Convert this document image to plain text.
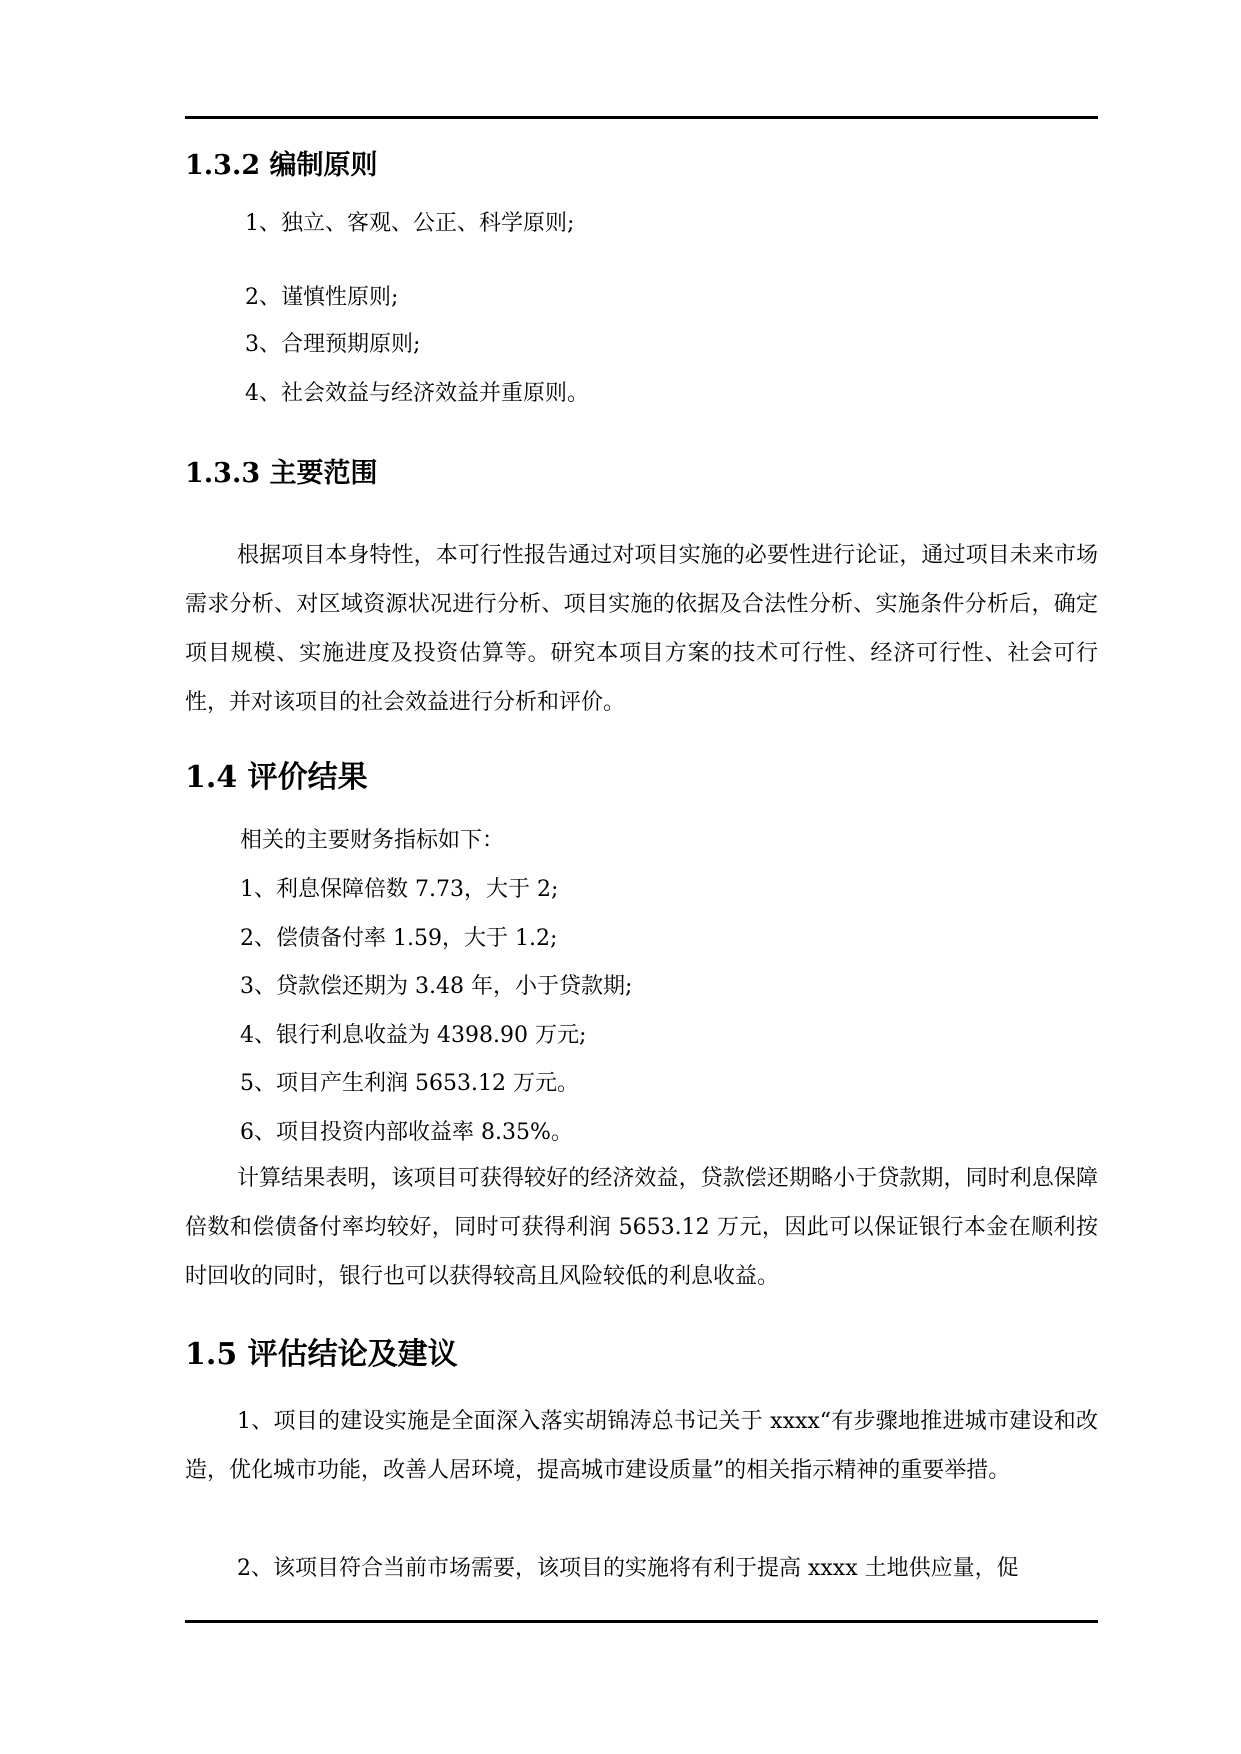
1.3.2 编制原则
1、独立、客观、公正、科学原则;
2、谨慎性原则;
3、合理预期原则;
4、社会效益与经济效益并重原则。
1.3.3 主要范围

根据项目本身特性，本可行性报告通过对项目实施的必要性进行论证，通过项目未来市场需求分析、对区域资源状况进行分析、项目实施的依据及合法性分析、实施条件分析后，确定项目规模、实施进度及投资估算等。研究本项目方案的技术可行性、经济可行性、社会可行性，并对该项目的社会效益进行分析和评价。

1.4 评价结果
相关的主要财务指标如下：
1、利息保障倍数 7.73，大于 2;
2、偿债备付率 1.59，大于 1.2;
3、贷款偿还期为 3.48 年，小于贷款期;
4、银行利息收益为 4398.90 万元;
5、项目产生利润 5653.12 万元。
6、项目投资内部收益率 8.35%。

计算结果表明，该项目可获得较好的经济效益，贷款偿还期略小于贷款期，同时利息保障倍数和偿债备付率均较好，同时可获得利润 5653.12 万元，因此可以保证银行本金在顺利按时回收的同时，银行也可以获得较高且风险较低的利息收益。

1.5 评估结论及建议

1、项目的建设实施是全面深入落实胡锦涛总书记关于 xxxx“有步骤地推进城市建设和改造，优化城市功能，改善人居环境，提高城市建设质量”的相关指示精神的重要举措。

2、该项目符合当前市场需要，该项目的实施将有利于提高 xxxx 土地供应量，促
